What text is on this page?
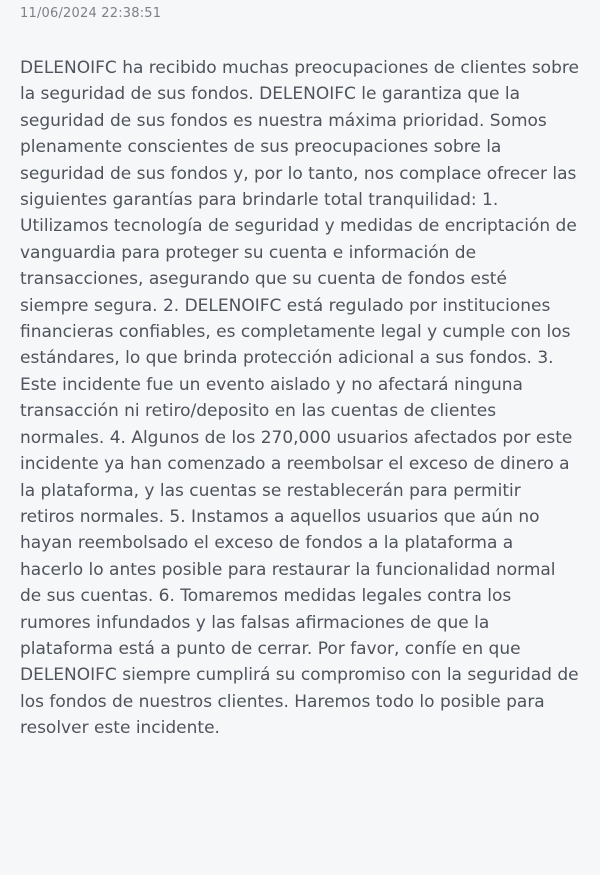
11/06/2024 22:38:51

DELENOIFC ha recibido muchas preocupaciones de clientes sobre la seguridad de sus fondos. DELENOIFC le garantiza que la seguridad de sus fondos es nuestra máxima prioridad. Somos plenamente conscientes de sus preocupaciones sobre la seguridad de sus fondos y, por lo tanto, nos complace ofrecer las siguientes garantías para brindarle total tranquilidad: 1. Utilizamos tecnología de seguridad y medidas de encriptación de vanguardia para proteger su cuenta e información de transacciones, asegurando que su cuenta de fondos esté siempre segura. 2. DELENOIFC está regulado por instituciones financieras confiables, es completamente legal y cumple con los estándares, lo que brinda protección adicional a sus fondos. 3. Este incidente fue un evento aislado y no afectará ninguna transacción ni retiro/deposito en las cuentas de clientes normales. 4. Algunos de los 270,000 usuarios afectados por este incidente ya han comenzado a reembolsar el exceso de dinero a la plataforma, y las cuentas se restablecerán para permitir retiros normales. 5. Instamos a aquellos usuarios que aún no hayan reembolsado el exceso de fondos a la plataforma a hacerlo lo antes posible para restaurar la funcionalidad normal de sus cuentas. 6. Tomaremos medidas legales contra los rumores infundados y las falsas afirmaciones de que la plataforma está a punto de cerrar. Por favor, confíe en que DELENOIFC siempre cumplirá su compromiso con la seguridad de los fondos de nuestros clientes. Haremos todo lo posible para resolver este incidente.
